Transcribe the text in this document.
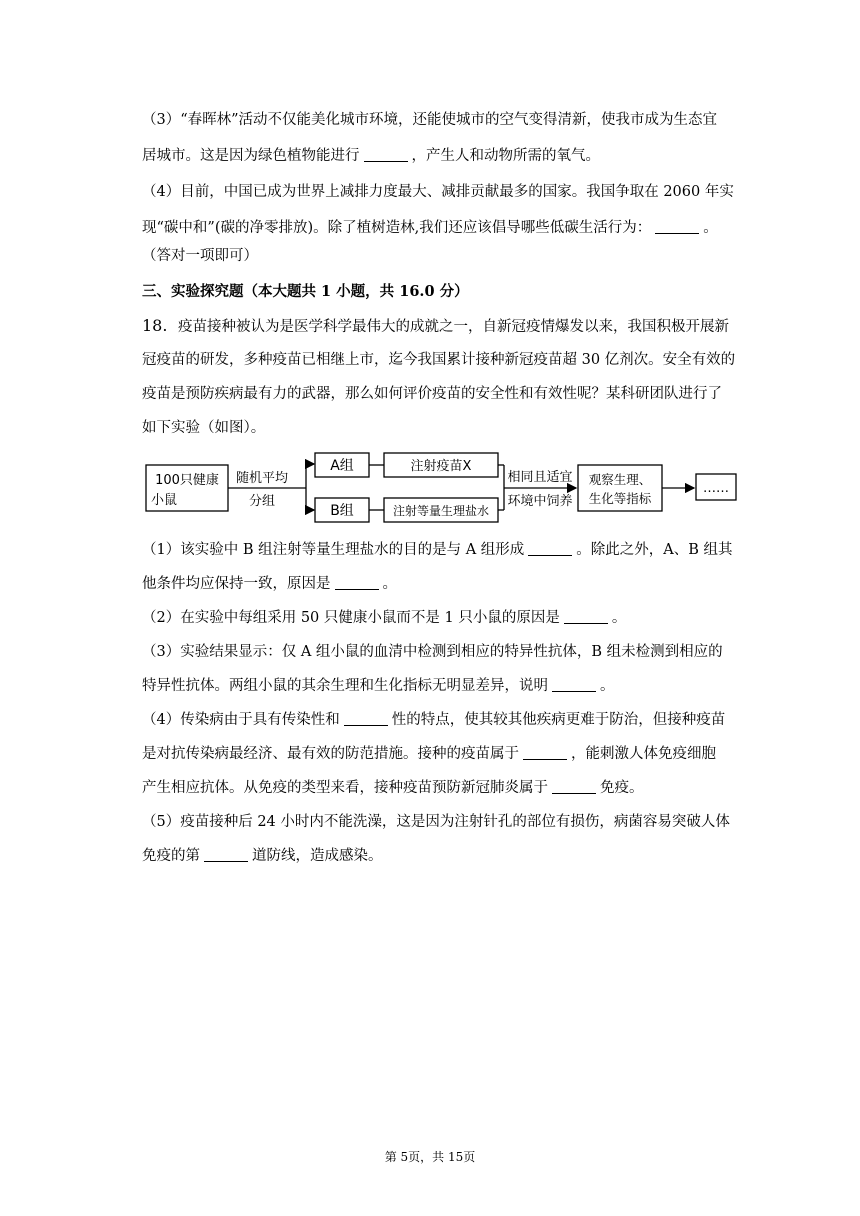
（3）“春晖林”活动不仅能美化城市环境，还能使城市的空气变得清新，使我市成为生态宜

居城市。这是因为绿色植物能进行	，产生人和动物所需的氧气。

（4）目前，中国已成为世界上减排力度最大、减排贡献最多的国家。我国争取在 2060 年实

现“碳中和”(碳的净零排放)。除了植树造林,我们还应该倡导哪些低碳生活行为：	。

（答对一项即可）

三、实验探究题（本大题共 1 小题，共 16.0 分）

18. 疫苗接种被认为是医学科学最伟大的成就之一，自新冠疫情爆发以来，我国积极开展新

冠疫苗的研发，多种疫苗已相继上市，迄今我国累计接种新冠疫苗超 30 亿剂次。安全有效的

疫苗是预防疾病最有力的武器，那么如何评价疫苗的安全性和有效性呢？某科研团队进行了

如下实验（如图）。

100只健康
小鼠
随机平均
分组
A组	注射疫苗X
B组	注射等量生理盐水
相同且适宜
环境中饲养
观察生理、
生化等指标
……

（1）该实验中 B 组注射等量生理盐水的目的是与 A 组形成	。除此之外，A、B 组其

他条件均应保持一致，原因是	。

（2）在实验中每组采用 50 只健康小鼠而不是 1 只小鼠的原因是	。

（3）实验结果显示：仅 A 组小鼠的血清中检测到相应的特异性抗体，B 组未检测到相应的

特异性抗体。两组小鼠的其余生理和生化指标无明显差异，说明	。

（4）传染病由于具有传染性和	性的特点，使其较其他疾病更难于防治，但接种疫苗

是对抗传染病最经济、最有效的防范措施。接种的疫苗属于	，能刺激人体免疫细胞

产生相应抗体。从免疫的类型来看，接种疫苗预防新冠肺炎属于	免疫。

（5）疫苗接种后 24 小时内不能洗澡，这是因为注射针孔的部位有损伤，病菌容易突破人体

免疫的第	道防线，造成感染。

第 5页，共 15页
